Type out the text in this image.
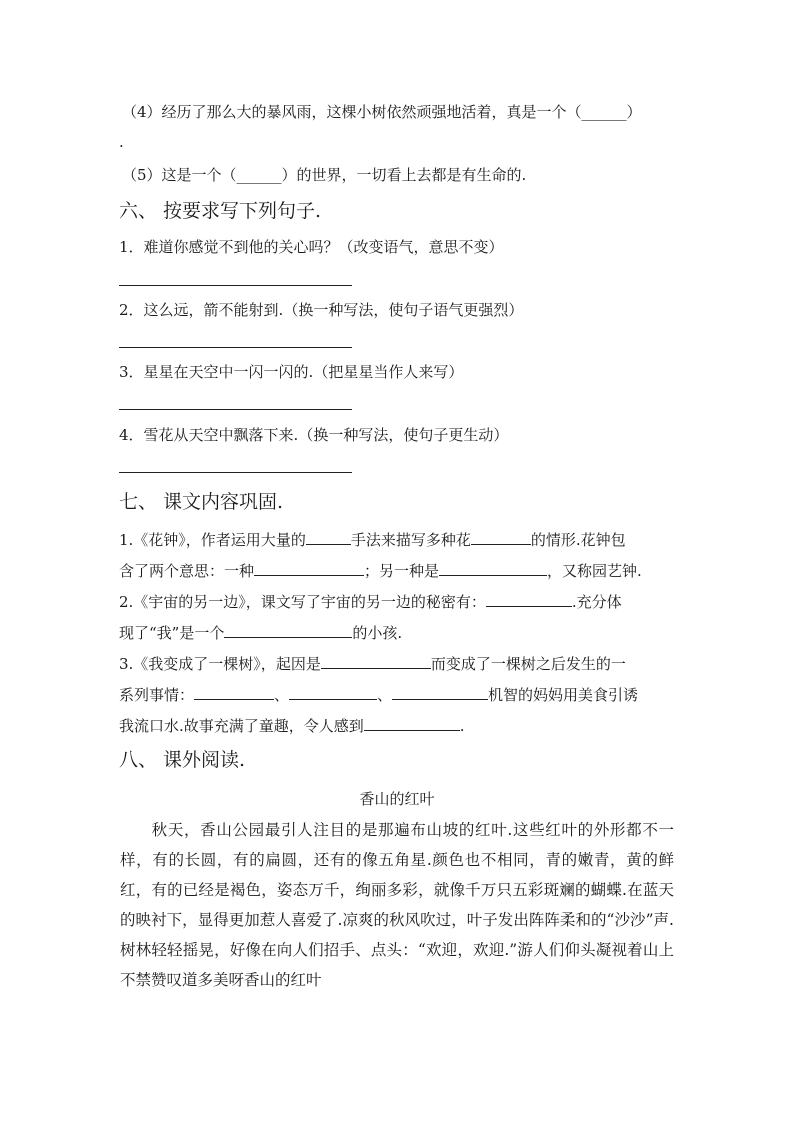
（4）经历了那么大的暴风雨，这棵小树依然顽强地活着，真是一个（______）
.
（5）这是一个（______）的世界，一切看上去都是有生命的.
六、 按要求写下列句子.
1．难道你感觉不到他的关心吗？（改变语气，意思不变）
2．这么远，箭不能射到.（换一种写法，使句子语气更强烈）
3．星星在天空中一闪一闪的.（把星星当作人来写）
4．雪花从天空中飘落下来.（换一种写法，使句子更生动）
七、 课文内容巩固.
1.《花钟》，作者运用大量的	手法来描写多种花	的情形.花钟包
含了两个意思：一种	；另一种是	，又称园艺钟.
2.《宇宙的另一边》，课文写了宇宙的另一边的秘密有：	.充分体
现了“我”是一个	的小孩.
3.《我变成了一棵树》，起因是	而变成了一棵树之后发生的一
系列事情：	、	、	机智的妈妈用美食引诱
我流口水.故事充满了童趣，令人感到	.
八、 课外阅读.
香山的红叶
秋天，香山公园最引人注目的是那遍布山坡的红叶.这些红叶的外形都不一样，有的长圆，有的扁圆，还有的像五角星.颜色也不相同，青的嫩青，黄的鲜红，有的已经是褐色，姿态万千，绚丽多彩，就像千万只五彩斑斓的蝴蝶.在蓝天的映衬下，显得更加惹人喜爱了.凉爽的秋风吹过，叶子发出阵阵柔和的“沙沙”声.树林轻轻摇晃，好像在向人们招手、点头：“欢迎，欢迎.”游人们仰头凝视着山上不禁赞叹道多美呀香山的红叶
